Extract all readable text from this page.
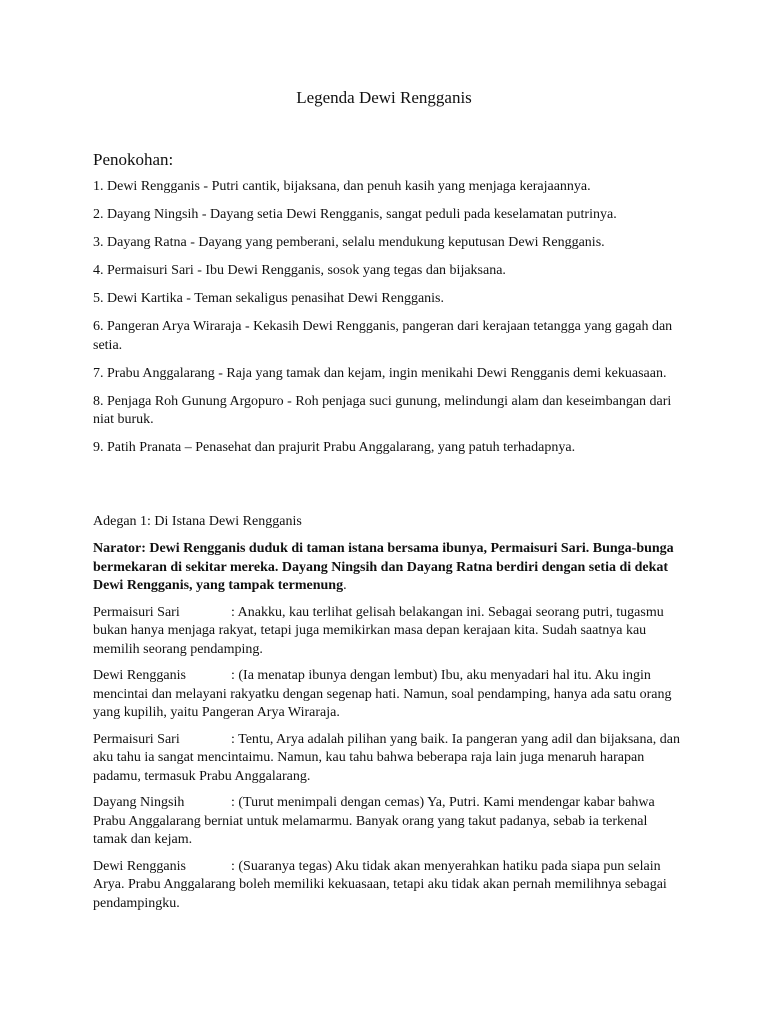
Legenda Dewi Rengganis
Penokohan:
1. Dewi Rengganis - Putri cantik, bijaksana, dan penuh kasih yang menjaga kerajaannya.
2. Dayang Ningsih - Dayang setia Dewi Rengganis, sangat peduli pada keselamatan putrinya.
3. Dayang Ratna - Dayang yang pemberani, selalu mendukung keputusan Dewi Rengganis.
4. Permaisuri Sari - Ibu Dewi Rengganis, sosok yang tegas dan bijaksana.
5. Dewi Kartika - Teman sekaligus penasihat Dewi Rengganis.
6. Pangeran Arya Wiraraja - Kekasih Dewi Rengganis, pangeran dari kerajaan tetangga yang gagah dan setia.
7. Prabu Anggalarang - Raja yang tamak dan kejam, ingin menikahi Dewi Rengganis demi kekuasaan.
8. Penjaga Roh Gunung Argopuro - Roh penjaga suci gunung, melindungi alam dan keseimbangan dari niat buruk.
9. Patih Pranata – Penasehat dan prajurit Prabu Anggalarang, yang patuh terhadapnya.

Adegan 1: Di Istana Dewi Rengganis

Narator: Dewi Rengganis duduk di taman istana bersama ibunya, Permaisuri Sari. Bunga-bunga bermekaran di sekitar mereka. Dayang Ningsih dan Dayang Ratna berdiri dengan setia di dekat Dewi Rengganis, yang tampak termenung.

Permaisuri Sari	: Anakku, kau terlihat gelisah belakangan ini. Sebagai seorang putri, tugasmu bukan hanya menjaga rakyat, tetapi juga memikirkan masa depan kerajaan kita. Sudah saatnya kau memilih seorang pendamping.

Dewi Rengganis	: (Ia menatap ibunya dengan lembut) Ibu, aku menyadari hal itu. Aku ingin mencintai dan melayani rakyatku dengan segenap hati. Namun, soal pendamping, hanya ada satu orang yang kupilih, yaitu Pangeran Arya Wiraraja.

Permaisuri Sari	: Tentu, Arya adalah pilihan yang baik. Ia pangeran yang adil dan bijaksana, dan aku tahu ia sangat mencintaimu. Namun, kau tahu bahwa beberapa raja lain juga menaruh harapan padamu, termasuk Prabu Anggalarang.

Dayang Ningsih	: (Turut menimpali dengan cemas) Ya, Putri. Kami mendengar kabar bahwa Prabu Anggalarang berniat untuk melamarmu. Banyak orang yang takut padanya, sebab ia terkenal tamak dan kejam.

Dewi Rengganis	: (Suaranya tegas) Aku tidak akan menyerahkan hatiku pada siapa pun selain Arya. Prabu Anggalarang boleh memiliki kekuasaan, tetapi aku tidak akan pernah memilihnya sebagai pendampingku.
